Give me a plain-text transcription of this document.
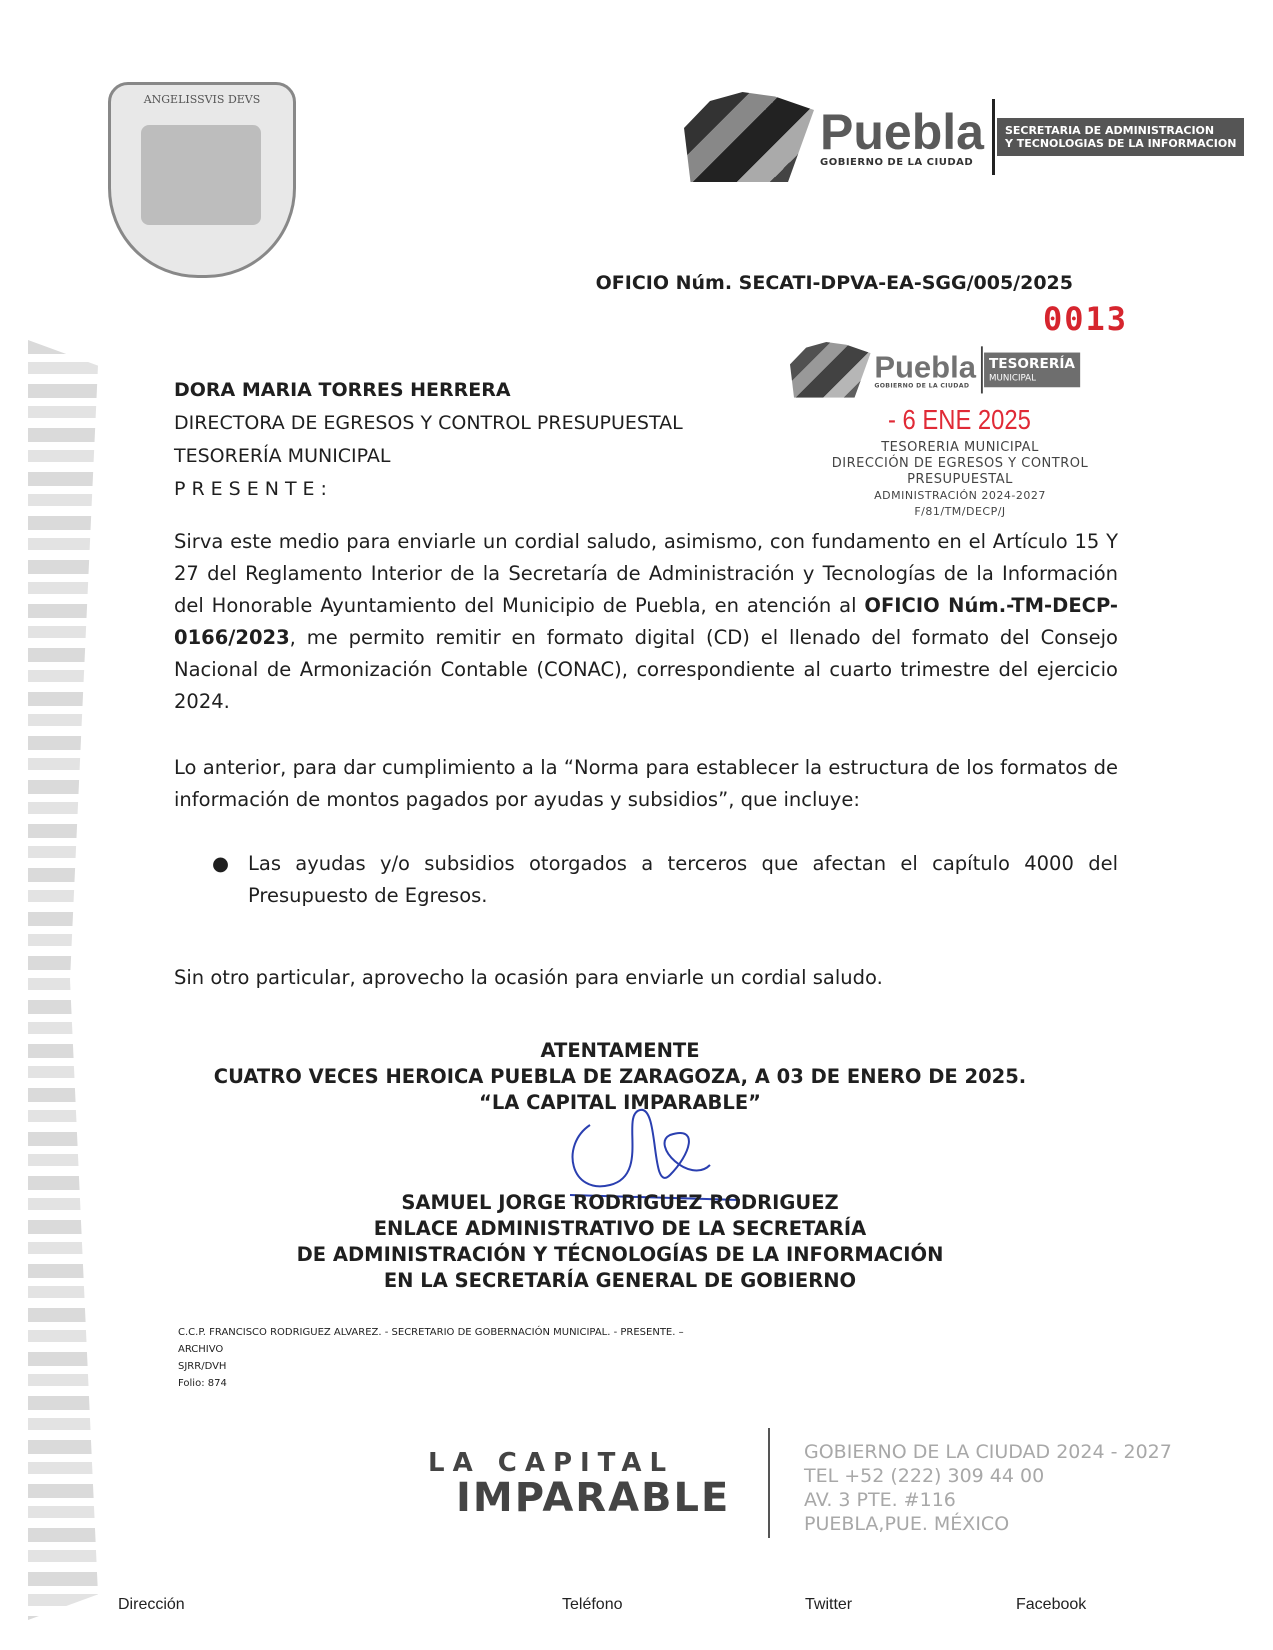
ANGELISSVIS DEVS
Puebla
GOBIERNO DE LA CIUDAD
SECRETARIA DE ADMINISTRACION
Y TECNOLOGIAS DE LA INFORMACION
OFICIO Núm. SECATI-DPVA-EA-SGG/005/2025
0013
DORA MARIA TORRES HERRERA
DIRECTORA DE EGRESOS Y CONTROL PRESUPUESTAL
TESORERÍA MUNICIPAL
PRESENTE:
Puebla
GOBIERNO DE LA CIUDAD
TESORERÍA
MUNICIPAL
- 6 ENE 2025
TESORERIA MUNICIPAL
DIRECCIÓN DE EGRESOS Y CONTROL
PRESUPUESTAL
ADMINISTRACIÓN 2024-2027
F/81/TM/DECP/J
Sirva este medio para enviarle un cordial saludo, asimismo, con fundamento en el Artículo 15 Y 27 del Reglamento Interior de la Secretaría de Administración y Tecnologías de la Información del Honorable Ayuntamiento del Municipio de Puebla, en atención al OFICIO Núm.-TM-DECP-0166/2023, me permito remitir en formato digital (CD) el llenado del formato del Consejo Nacional de Armonización Contable (CONAC), correspondiente al cuarto trimestre del ejercicio 2024.
Lo anterior, para dar cumplimiento a la “Norma para establecer la estructura de los formatos de información de montos pagados por ayudas y subsidios”, que incluye:
● Las ayudas y/o subsidios otorgados a terceros que afectan el capítulo 4000 del Presupuesto de Egresos.
Sin otro particular, aprovecho la ocasión para enviarle un cordial saludo.
ATENTAMENTE
CUATRO VECES HEROICA PUEBLA DE ZARAGOZA, A 03 DE ENERO DE 2025.
“LA CAPITAL IMPARABLE”
SAMUEL JORGE RODRIGUEZ RODRIGUEZ
ENLACE ADMINISTRATIVO DE LA SECRETARÍA
DE ADMINISTRACIÓN Y TÉCNOLOGÍAS DE LA INFORMACIÓN
EN LA SECRETARÍA GENERAL DE GOBIERNO
C.C.P. FRANCISCO RODRIGUEZ ALVAREZ. - SECRETARIO DE GOBERNACIÓN MUNICIPAL. - PRESENTE. –
ARCHIVO
SJRR/DVH
Folio: 874
LA CAPITAL
IMPARABLE
GOBIERNO DE LA CIUDAD 2024 - 2027
TEL +52 (222) 309 44 00
AV. 3 PTE. #116
PUEBLA,PUE. MÉXICO
Dirección	Teléfono	Twitter	Facebook
